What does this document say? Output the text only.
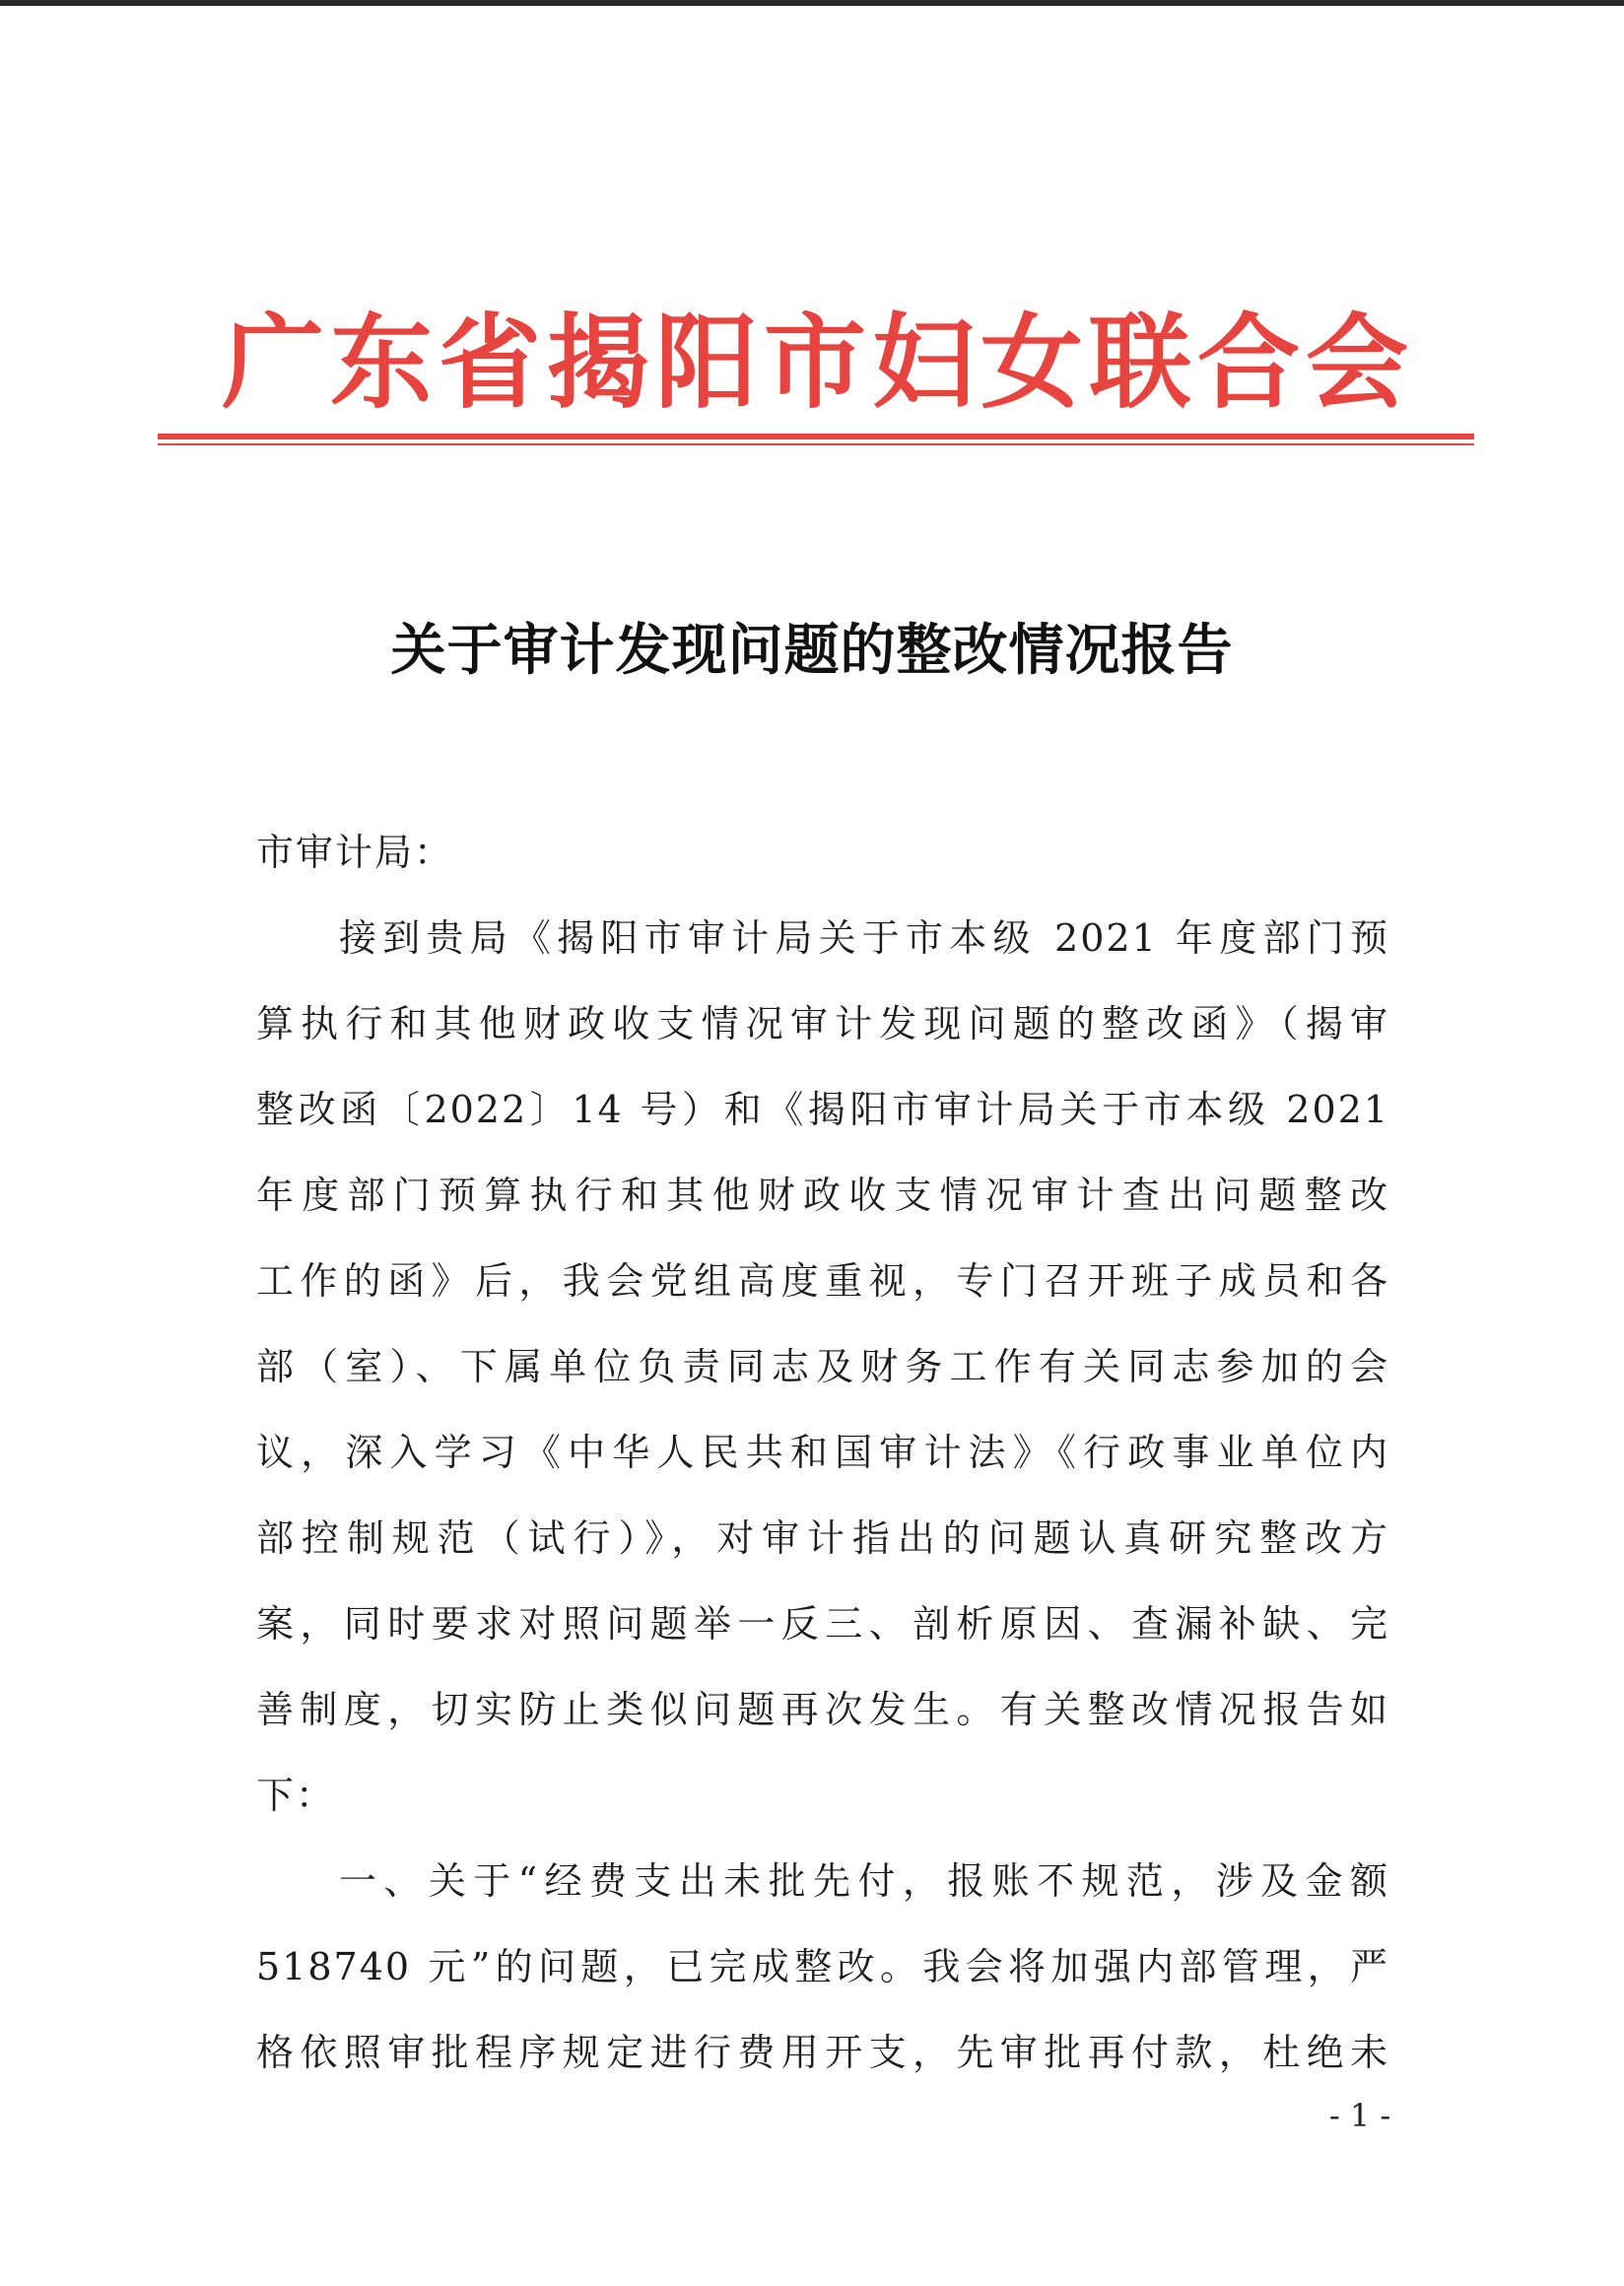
广东省揭阳市妇女联合会
关于审计发现问题的整改情况报告
市审计局：
接到贵局《揭阳市审计局关于市本级 2021 年度部门预
算执行和其他财政收支情况审计发现问题的整改函》（揭审
整改函〔2022〕14 号）和《揭阳市审计局关于市本级 2021
年度部门预算执行和其他财政收支情况审计查出问题整改
工作的函》后，我会党组高度重视，专门召开班子成员和各
部（室）、下属单位负责同志及财务工作有关同志参加的会
议，深入学习《中华人民共和国审计法》《行政事业单位内
部控制规范（试行）》，对审计指出的问题认真研究整改方
案，同时要求对照问题举一反三、剖析原因、查漏补缺、完
善制度，切实防止类似问题再次发生。有关整改情况报告如
下：
一、关于“经费支出未批先付，报账不规范，涉及金额
518740 元”的问题，已完成整改。我会将加强内部管理，严
格依照审批程序规定进行费用开支，先审批再付款，杜绝未
- 1 -
